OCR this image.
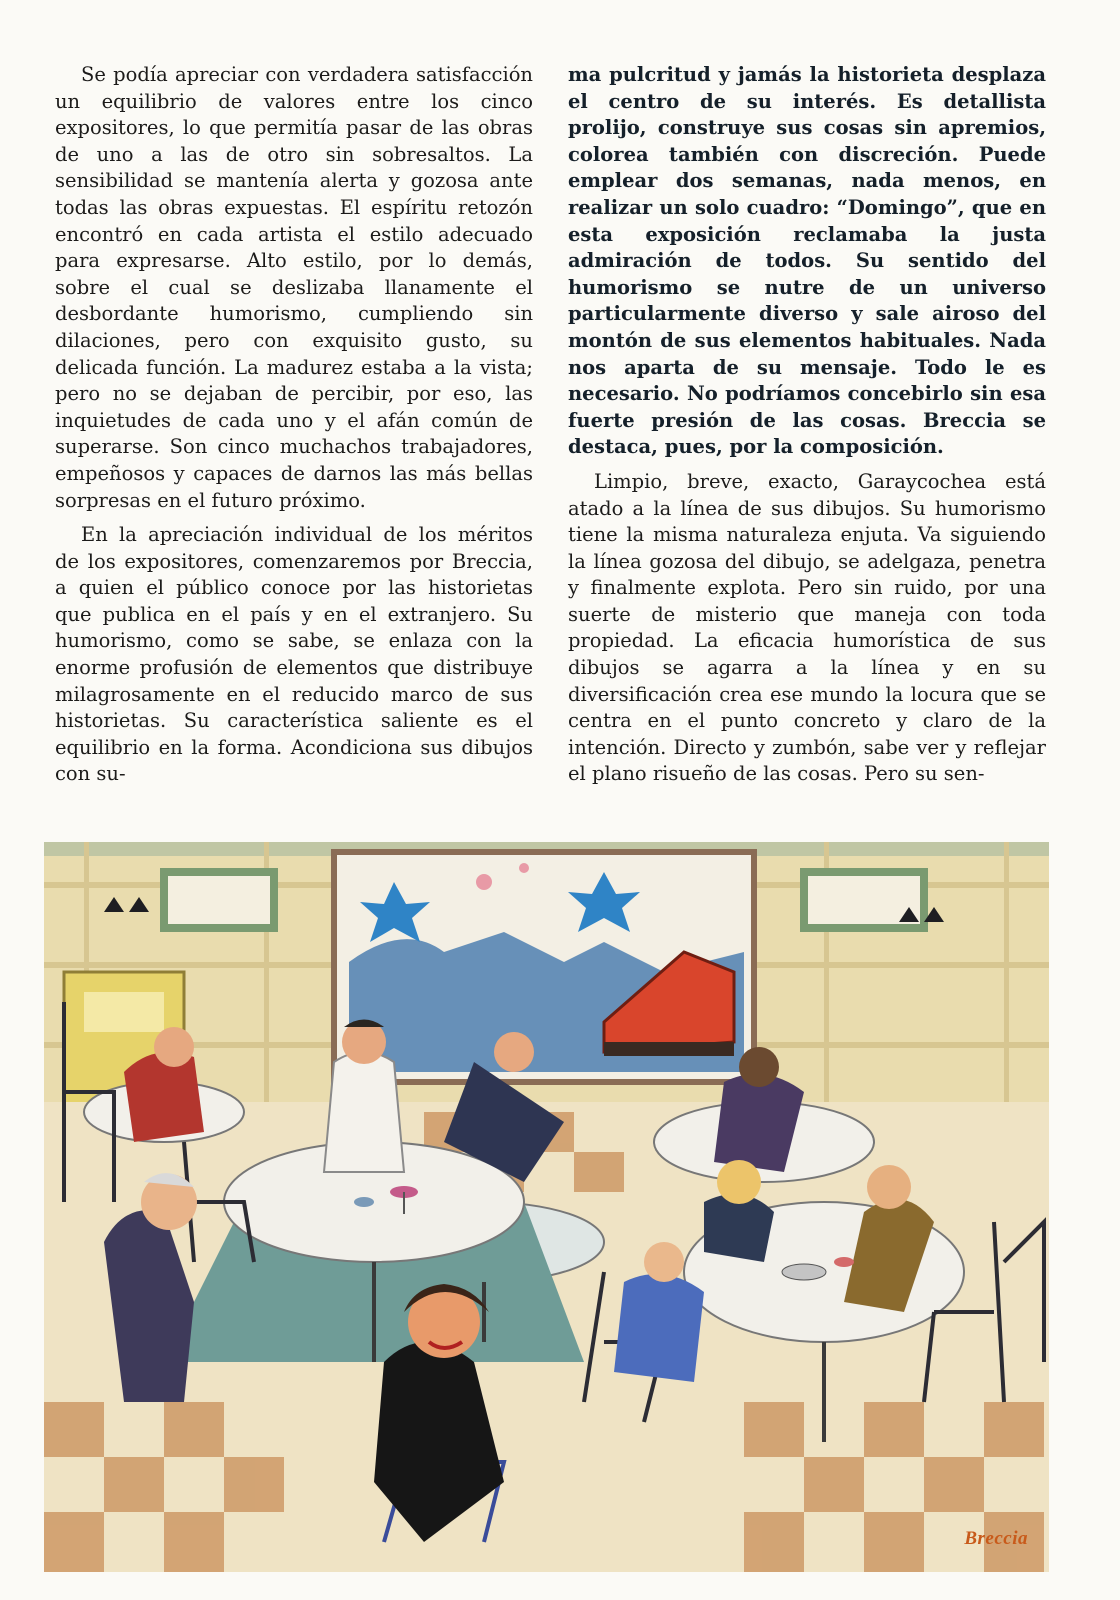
Se podía apreciar con verdadera satisfacción un equilibrio de valores entre los cinco expositores, lo que permitía pasar de las obras de uno a las de otro sin sobresaltos. La sensibilidad se mantenía alerta y gozosa ante todas las obras expuestas. El espíritu retozón encontró en cada artista el estilo adecuado para expresarse. Alto estilo, por lo demás, sobre el cual se deslizaba llanamente el desbordante humorismo, cumpliendo sin dilaciones, pero con exquisito gusto, su delicada función. La madurez estaba a la vista; pero no se dejaban de percibir, por eso, las inquietudes de cada uno y el afán común de superarse. Son cinco muchachos trabajadores, empeñosos y capaces de darnos las más bellas sorpresas en el futuro próximo.

En la apreciación individual de los méritos de los expositores, comenzaremos por Breccia, a quien el público conoce por las historietas que publica en el país y en el extranjero. Su humorismo, como se sabe, se enlaza con la enorme profusión de elementos que distribuye milagrosamente en el reducido marco de sus historietas. Su característica saliente es el equilibrio en la forma. Acondiciona sus dibujos con su-

ma pulcritud y jamás la historieta desplaza el centro de su interés. Es detallista prolijo, construye sus cosas sin apremios, colorea también con discreción. Puede emplear dos semanas, nada menos, en realizar un solo cuadro: “Domingo”, que en esta exposición reclamaba la justa admiración de todos. Su sentido del humorismo se nutre de un universo particularmente diverso y sale airoso del montón de sus elementos habituales. Nada nos aparta de su mensaje. Todo le es necesario. No podríamos concebirlo sin esa fuerte presión de las cosas. Breccia se destaca, pues, por la composición.

Limpio, breve, exacto, Garaycochea está atado a la línea de sus dibujos. Su humorismo tiene la misma naturaleza enjuta. Va siguiendo la línea gozosa del dibujo, se adelgaza, penetra y finalmente explota. Pero sin ruido, por una suerte de misterio que maneja con toda propiedad. La eficacia humorística de sus dibujos se agarra a la línea y en su diversificación crea ese mundo la locura que se centra en el punto concreto y claro de la intención. Directo y zumbón, sabe ver y reflejar el plano risueño de las cosas. Pero su sen-

Breccia
